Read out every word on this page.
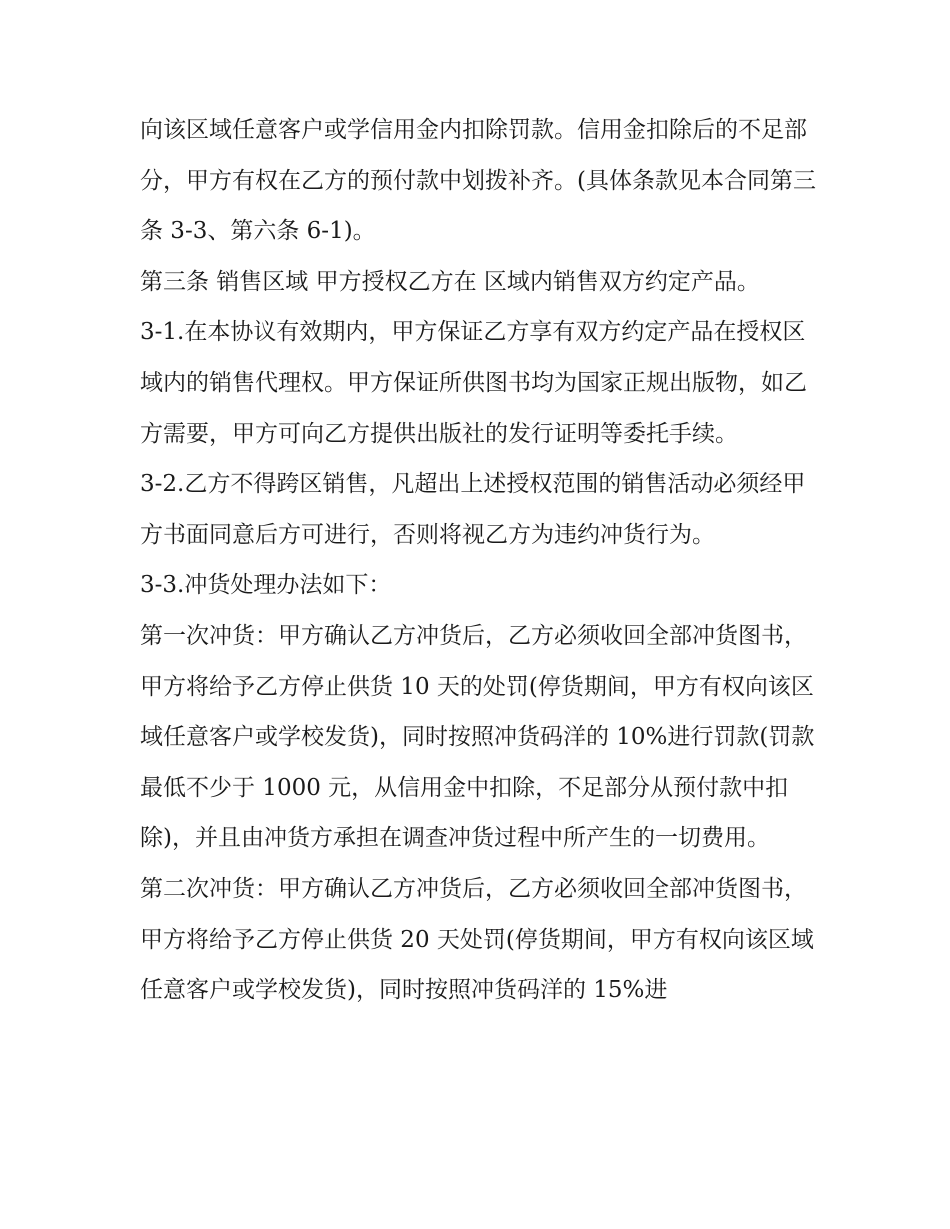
向该区域任意客户或学信用金内扣除罚款。信用金扣除后的不足部分，甲方有权在乙方的预付款中划拨补齐。(具体条款见本合同第三条 3-3、第六条 6-1)。

第三条 销售区域 甲方授权乙方在 区域内销售双方约定产品。

3-1.在本协议有效期内，甲方保证乙方享有双方约定产品在授权区域内的销售代理权。甲方保证所供图书均为国家正规出版物，如乙方需要，甲方可向乙方提供出版社的发行证明等委托手续。

3-2.乙方不得跨区销售，凡超出上述授权范围的销售活动必须经甲方书面同意后方可进行，否则将视乙方为违约冲货行为。

3-3.冲货处理办法如下：

第一次冲货：甲方确认乙方冲货后，乙方必须收回全部冲货图书，甲方将给予乙方停止供货 10 天的处罚(停货期间，甲方有权向该区域任意客户或学校发货)，同时按照冲货码洋的 10%进行罚款(罚款最低不少于 1000 元，从信用金中扣除，不足部分从预付款中扣除)，并且由冲货方承担在调查冲货过程中所产生的一切费用。

第二次冲货：甲方确认乙方冲货后，乙方必须收回全部冲货图书，甲方将给予乙方停止供货 20 天处罚(停货期间，甲方有权向该区域任意客户或学校发货)，同时按照冲货码洋的 15%进
